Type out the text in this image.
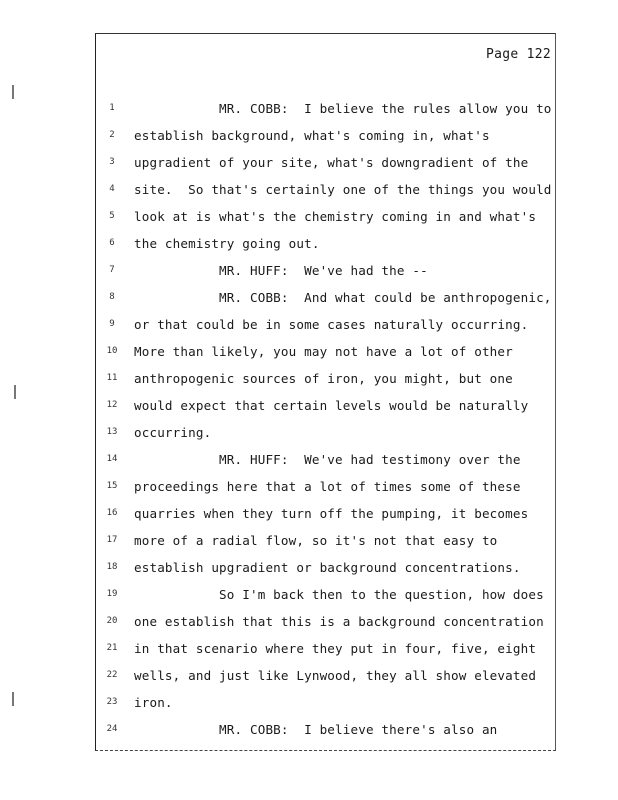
Page 122
1	MR. COBB:  I believe the rules allow you to
2	establish background, what's coming in, what's
3	upgradient of your site, what's downgradient of the
4	site.  So that's certainly one of the things you would
5	look at is what's the chemistry coming in and what's
6	the chemistry going out.
7	MR. HUFF:  We've had the --
8	MR. COBB:  And what could be anthropogenic,
9	or that could be in some cases naturally occurring.
10 More than likely, you may not have a lot of other
11 anthropogenic sources of iron, you might, but one
12 would expect that certain levels would be naturally
13 occurring.
14 MR. HUFF:  We've had testimony over the
15 proceedings here that a lot of times some of these
16 quarries when they turn off the pumping, it becomes
17 more of a radial flow, so it's not that easy to
18 establish upgradient or background concentrations.
19 So I'm back then to the question, how does
20 one establish that this is a background concentration
21 in that scenario where they put in four, five, eight
22 wells, and just like Lynwood, they all show elevated
23 iron.
24 MR. COBB:  I believe there's also an
